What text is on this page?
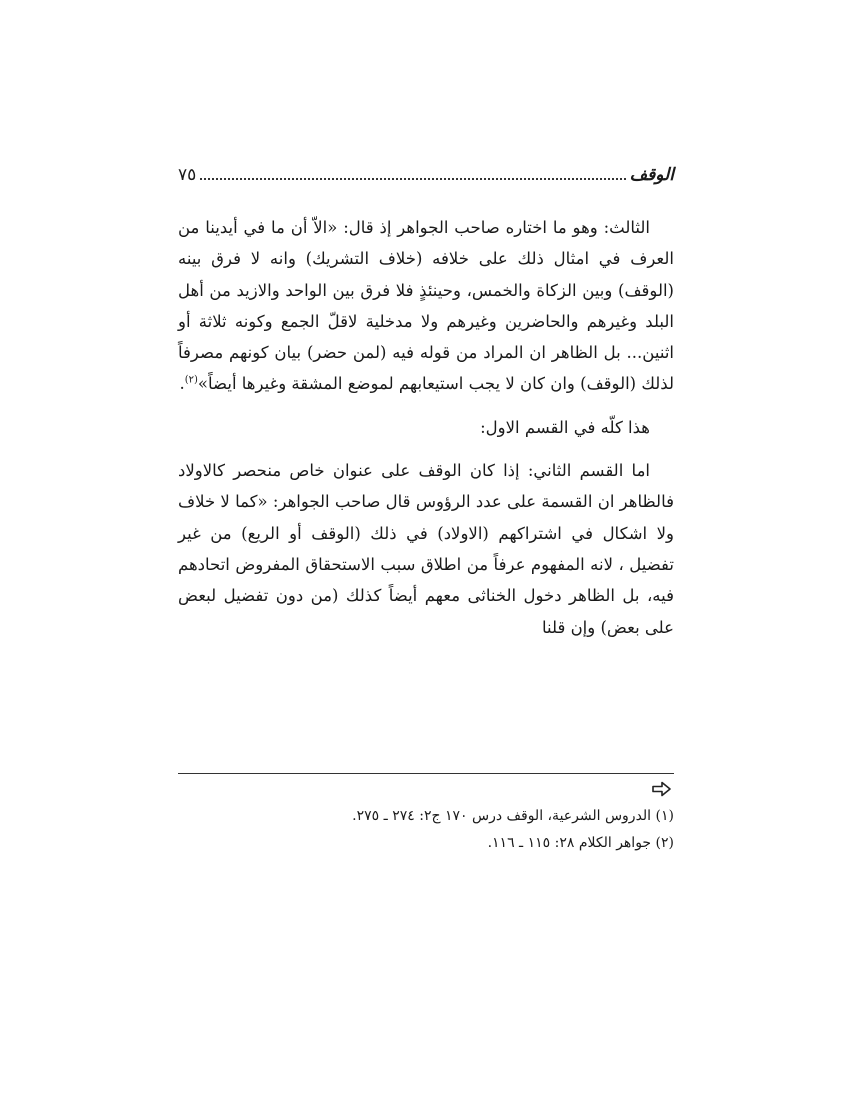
الوقف
٧٥

الثالث: وهو ما اختاره صاحب الجواهر إذ قال: «الاّ أن ما في أيدينا من العرف في امثال ذلك على خلافه (خلاف التشريك) وانه لا فرق بينه (الوقف) وبين الزكاة والخمس، وحينئذٍ فلا فرق بين الواحد والازيد من أهل البلد وغيرهم والحاضرين وغيرهم ولا مدخلية لاقلّ الجمع وكونه ثلاثة أو اثنين... بل الظاهر ان المراد من قوله فيه (لمن حضر) بيان كونهم مصرفاً لذلك (الوقف) وان كان لا يجب استيعابهم لموضع المشقة وغيرها أيضاً»$^{(٢)}$.

هذا كلّه في القسم الاول:

اما القسم الثاني: إذا كان الوقف على عنوان خاص منحصر كالاولاد فالظاهر ان القسمة على عدد الرؤوس قال صاحب الجواهر: «كما لا خلاف ولا اشكال في اشتراكهم (الاولاد) في ذلك (الوقف أو الريع) من غير تفضيل ، لانه المفهوم عرفاً من اطلاق سبب الاستحقاق المفروض اتحادهم فيه، بل الظاهر دخول الخناثى معهم أيضاً كذلك (من دون تفضيل لبعض على بعض) وإن قلنا

(١) الدروس الشرعية، الوقف درس ١٧٠ ج٢: ٢٧٤ ـ ٢٧٥.

(٢) جواهر الكلام ٢٨: ١١٥ ـ ١١٦.
